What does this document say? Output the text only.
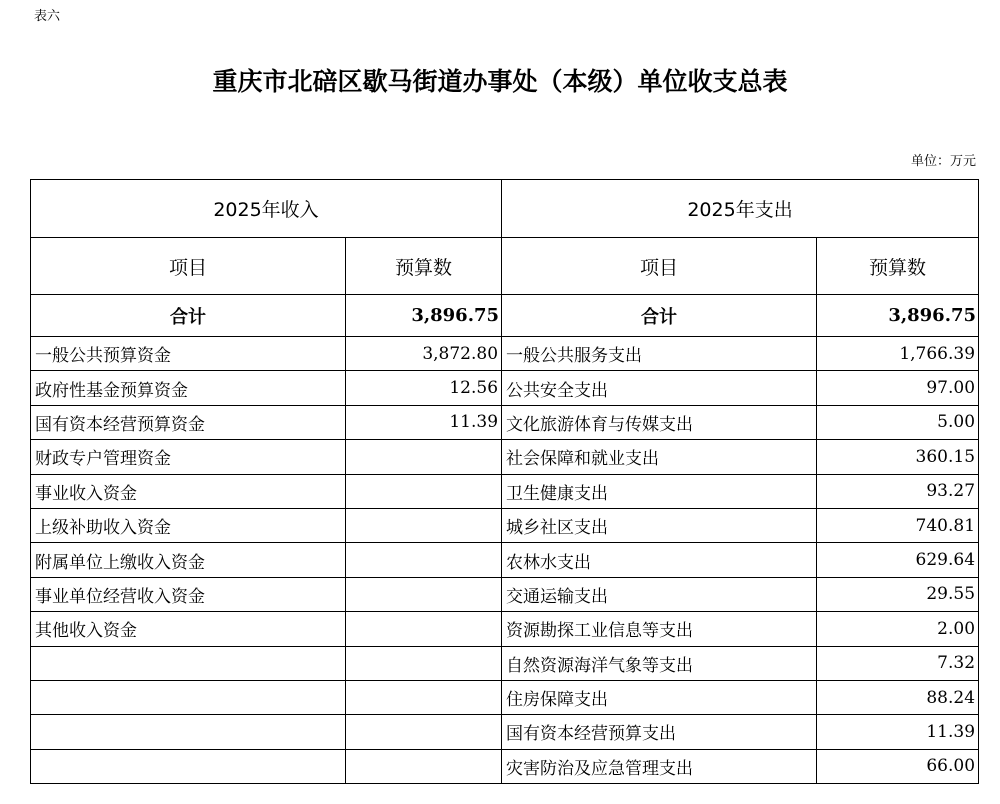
表六
重庆市北碚区歇马街道办事处（本级）单位收支总表
单位：万元
2025年收入		2025年支出	
项目	预算数	项目	预算数
合计	3,896.75	合计	3,896.75
一般公共预算资金	3,872.80	一般公共服务支出	1,766.39
政府性基金预算资金	12.56	公共安全支出	97.00
国有资本经营预算资金	11.39	文化旅游体育与传媒支出	5.00
财政专户管理资金		社会保障和就业支出	360.15
事业收入资金		卫生健康支出	93.27
上级补助收入资金		城乡社区支出	740.81
附属单位上缴收入资金		农林水支出	629.64
事业单位经营收入资金		交通运输支出	29.55
其他收入资金		资源勘探工业信息等支出	2.00
		自然资源海洋气象等支出	7.32
		住房保障支出	88.24
		国有资本经营预算支出	11.39
		灾害防治及应急管理支出	66.00
